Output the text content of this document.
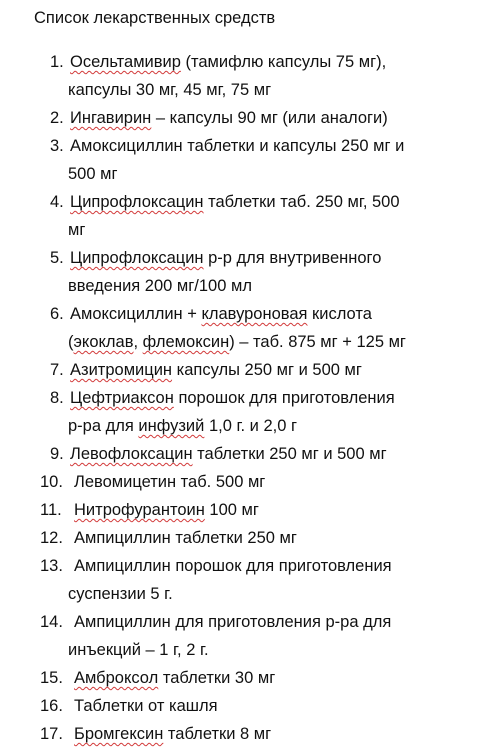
Список лекарственных средств
1. Осельтамивир (тамифлю капсулы 75 мг),
капсулы 30 мг, 45 мг, 75 мг
2. Ингавирин – капсулы 90 мг (или аналоги)
3. Амоксициллин таблетки и капсулы 250 мг и
500 мг
4. Ципрофлоксацин таблетки таб. 250 мг, 500
мг
5. Ципрофлоксацин р-р для внутривенного
введения 200 мг/100 мл
6. Амоксициллин + клавуроновая кислота
(экоклав, флемоксин) – таб. 875 мг + 125 мг
7. Азитромицин капсулы 250 мг и 500 мг
8. Цефтриаксон порошок для приготовления
р-ра для инфузий 1,0 г. и 2,0 г
9. Левофлоксацин таблетки 250 мг и 500 мг
10. Левомицетин таб. 500 мг
11. Нитрофурантоин 100 мг
12. Ампициллин таблетки 250 мг
13. Ампициллин порошок для приготовления
суспензии 5 г.
14. Ампициллин для приготовления р-ра для
инъекций – 1 г, 2 г.
15. Амброксол таблетки 30 мг
16. Таблетки от кашля
17. Бромгексин таблетки 8 мг
